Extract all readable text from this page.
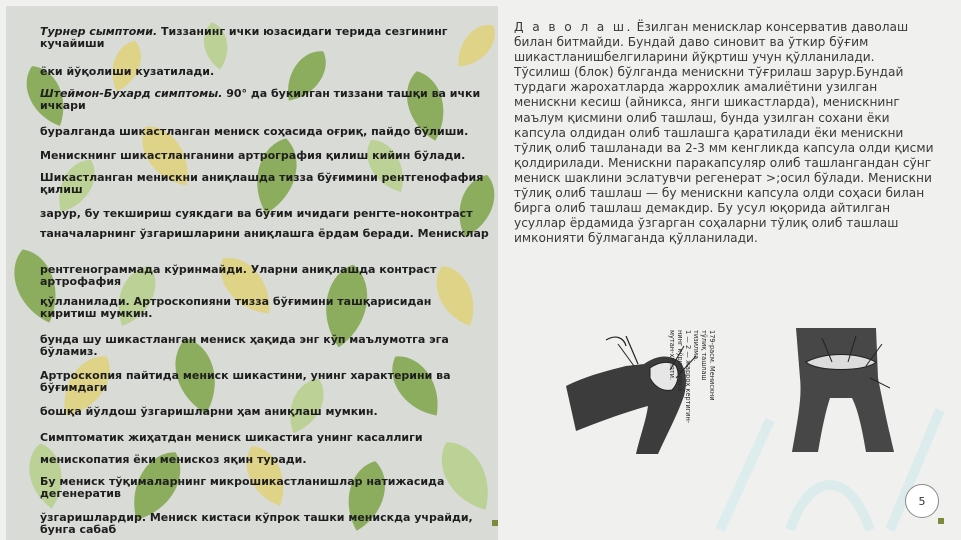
Турнер сымптоми. Тиззанинг ички юзасидаги терида сезгининг кучайиши
ёки йўқолиши кузатилади.
Штеймон-Бухард симптомы. 90° да букилган тиззани ташқи ва ички
ичкари
буралганда шикастланган мениск соҳасида оғриқ, пайдо бўлиши.
Менискнинг шикастланганини артрография қилиш кийин бўлади.
Шикастланган менискни аниқлашда тизза бўғимини рентгенофафия қилиш
зарур, бу текшириш суякдаги ва бўғим ичидаги ренгте-ноконтраст
таначаларнинг ўзгаришларини аниқлашга ёрдам беради. Мениcклар
рентгенограммада кўринмайди. Уларни аниқлашда контраст артрофафия
қўлланилади. Артроскопияни тизза бўғимини ташқарисидан киритиш мумкин.
бунда шу шикастланган мениск ҳақида энг кўп маълумотга эга бўламиз.
Артроскопия пайтида мениск шикастини, унинг характерини ва бўғимдаги
бошқа йўлдош ўзгаришларни ҳам аниқлаш мумкин.
Симптоматик жиҳатдан мениск шикастига унинг касаллиги
менископатия ёки менискоз яқин туради.
Бу мениск тўқималарнинг микрошикастланишлар натижасида дегенератив
ўзгаришлардир. Мениск кистаси кўпрок ташки менискда учрайди, бунга сабаб
Д а в о л а ш. Ёзилган менисклар консерватив даволаш билан битмайди. Бундай даво синовит ва ўткир бўғим шикастланишбелгиларини йўқртиш учун қўлланилади. Тўсилиш (блок) бўлганда менискни тўғрилаш зарур.Бундай турдаги жарохатларда жаррохлик амалиётини узилган менискни кесиш (айникса, янги шикастларда), менискнинг маълум қисмини олиб ташлаш, бунда узилган сохани ёки капсула олдидан олиб ташлашга қаратилади ёки менискни тўлиқ олиб ташланади ва 2-3 мм кенгликда капсула олди қисми қолдирилади. Менискни паракапсуляр олиб ташлангандан сўнг мениск шаклини эслатувчи регенерат >;осил бўлади. Менискни тўлиқ олиб ташлаш — бу менискни капсула олди соҳаси билан бирга олиб ташлаш демакдир. Бу усул юқорида айтилган усуллар ёрдамида ўзгарган соҳаларни тўлиқ олиб ташлаш имконияти бўлмаганда қўлланилади.
179-расм. Менискнитўлиқ ташлаштизилма.1 — 2 — жарроҳ кертигин-нинг кўринишигамутан-хиляти.
5
